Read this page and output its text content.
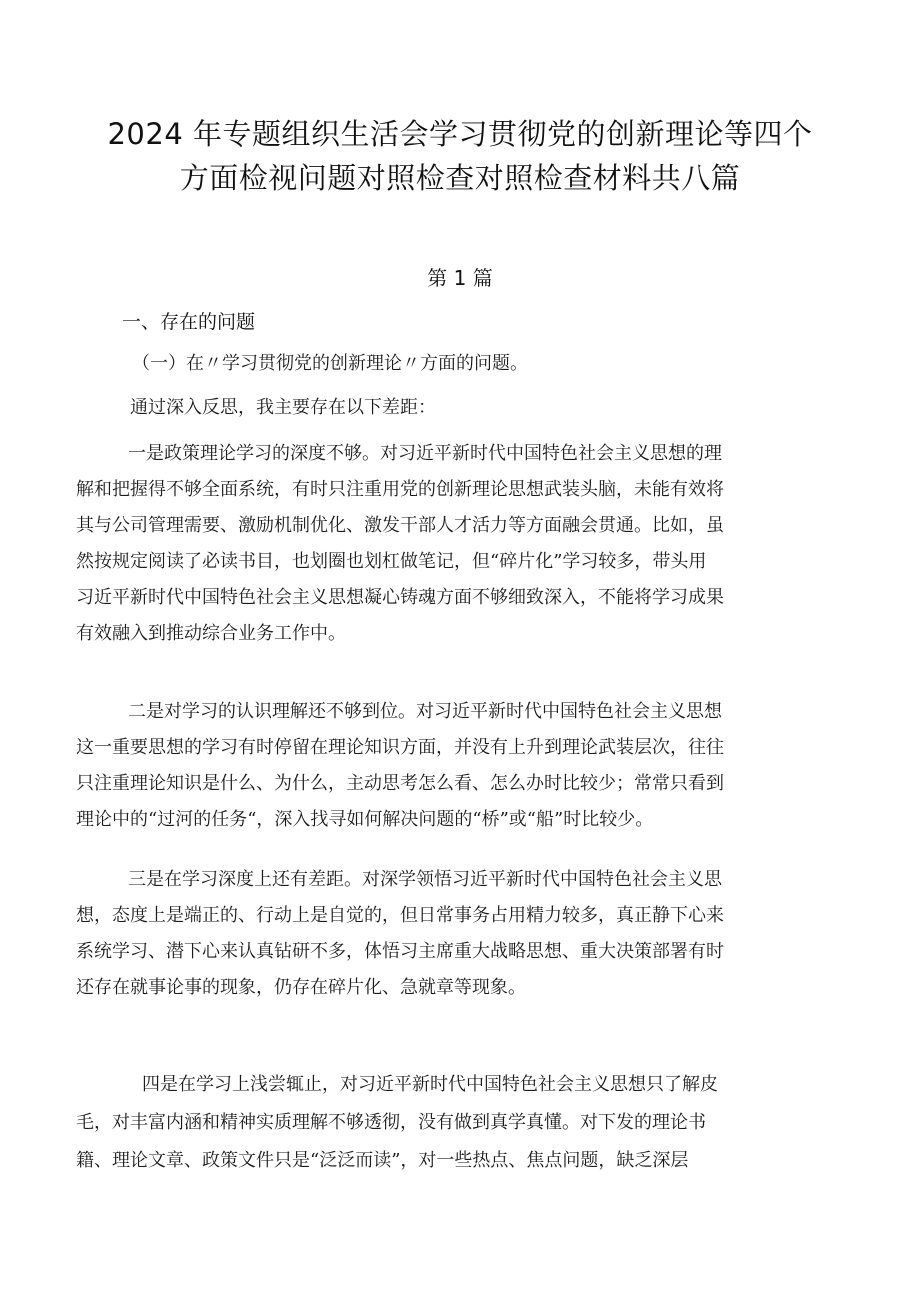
2024 年专题组织生活会学习贯彻党的创新理论等四个
方面检视问题对照检查对照检查材料共八篇
第 1 篇
一、存在的问题
（一）在〃学习贯彻党的创新理论〃方面的问题。
通过深入反思，我主要存在以下差距：
一是政策理论学习的深度不够。对习近平新时代中国特色社会主义思想的理
解和把握得不够全面系统，有时只注重用党的创新理论思想武装头脑，未能有效将
其与公司管理需要、激励机制优化、激发干部人才活力等方面融会贯通。比如，虽
然按规定阅读了必读书目，也划圈也划杠做笔记，但“碎片化”学习较多，带头用
习近平新时代中国特色社会主义思想凝心铸魂方面不够细致深入，不能将学习成果
有效融入到推动综合业务工作中。
二是对学习的认识理解还不够到位。对习近平新时代中国特色社会主义思想
这一重要思想的学习有时停留在理论知识方面，并没有上升到理论武装层次，往往
只注重理论知识是什么、为什么，主动思考怎么看、怎么办时比较少；常常只看到
理论中的“过河的任务“，深入找寻如何解决问题的“桥”或“船”时比较少。
三是在学习深度上还有差距。对深学领悟习近平新时代中国特色社会主义思
想，态度上是端正的、行动上是自觉的，但日常事务占用精力较多，真正静下心来
系统学习、潜下心来认真钻研不多，体悟习主席重大战略思想、重大决策部署有时
还存在就事论事的现象，仍存在碎片化、急就章等现象。
四是在学习上浅尝辄止，对习近平新时代中国特色社会主义思想只了解皮
毛，对丰富内涵和精神实质理解不够透彻，没有做到真学真懂。对下发的理论书
籍、理论文章、政策文件只是“泛泛而读”，对一些热点、焦点问题，缺乏深层
